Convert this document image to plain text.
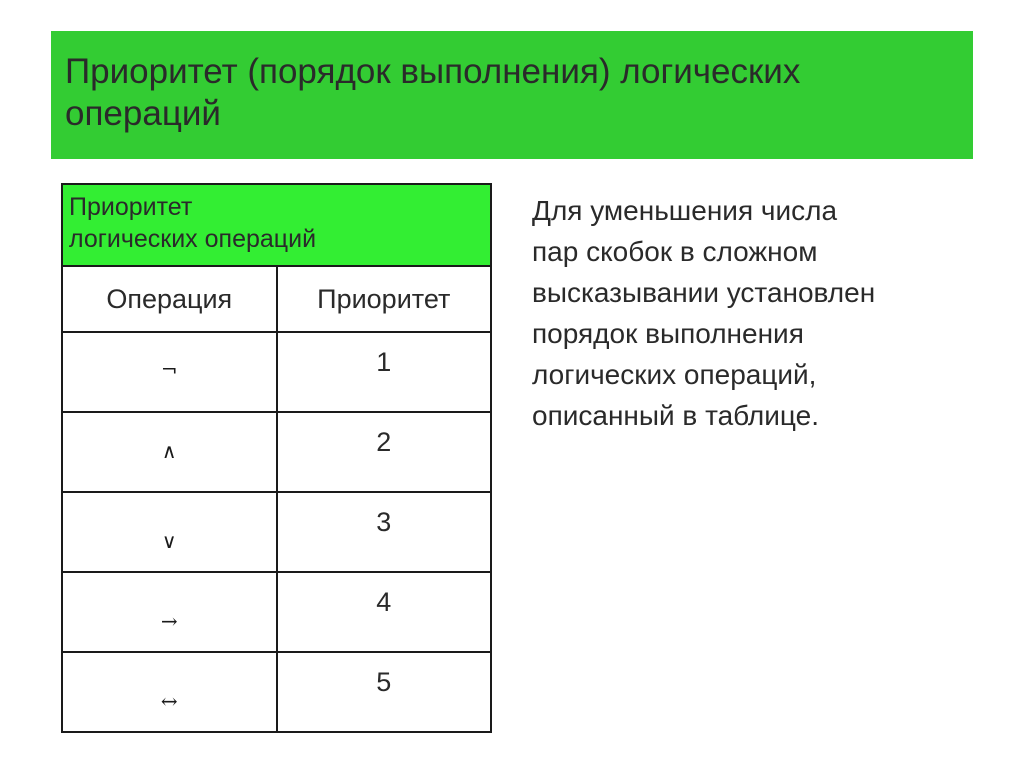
Приоритет (порядок выполнения) логических
операций
Приоритет
логических операций	
Операция	Приоритет

¬	1

∧	2

∨	3

→	4

↔	5
Для уменьшения числа
пар скобок в сложном
высказывании установлен
порядок выполнения
логических операций,
описанный в таблице.
